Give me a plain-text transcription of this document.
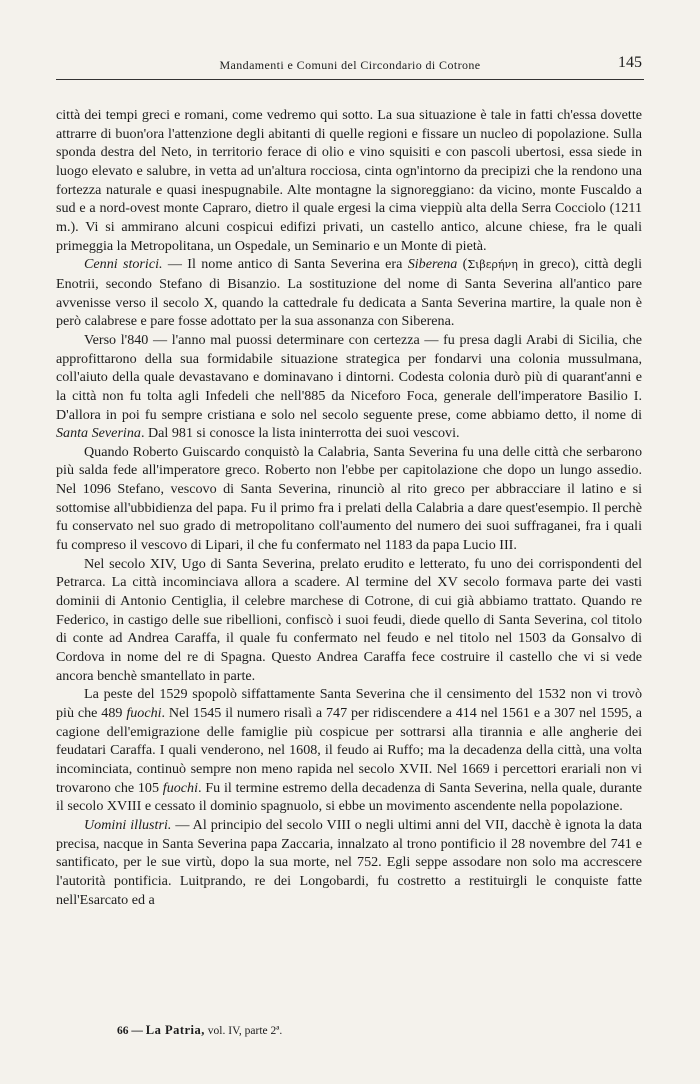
Mandamenti e Comuni del Circondario di Cotrone	145

città dei tempi greci e romani, come vedremo qui sotto. La sua situazione è tale in fatti ch'essa dovette attrarre di buon'ora l'attenzione degli abitanti di quelle regioni e fissare un nucleo di popolazione. Sulla sponda destra del Neto, in territorio ferace di olio e vino squisiti e con pascoli ubertosi, essa siede in luogo elevato e salubre, in vetta ad un'altura rocciosa, cinta ogn'intorno da precipizi che la rendono una fortezza naturale e quasi inespugnabile. Alte montagne la signoreggiano: da vicino, monte Fuscaldo a sud e a nord-ovest monte Capraro, dietro il quale ergesi la cima vieppiù alta della Serra Cocciolo (1211 m.). Vi si ammirano alcuni cospicui edifizi privati, un castello antico, alcune chiese, fra le quali primeggia la Metropolitana, un Ospedale, un Seminario e un Monte di pietà.

Cenni storici. — Il nome antico di Santa Severina era Siberena (Σιβερήνη in greco), città degli Enotrii, secondo Stefano di Bisanzio. La sostituzione del nome di Santa Severina all'antico pare avvenisse verso il secolo X, quando la cattedrale fu dedicata a Santa Severina martire, la quale non è però calabrese e pare fosse adottato per la sua assonanza con Siberena.

Verso l'840 — l'anno mal puossi determinare con certezza — fu presa dagli Arabi di Sicilia, che approfittarono della sua formidabile situazione strategica per fondarvi una colonia mussulmana, coll'aiuto della quale devastavano e dominavano i dintorni. Codesta colonia durò più di quarant'anni e la città non fu tolta agli Infedeli che nell'885 da Niceforo Foca, generale dell'imperatore Basilio I. D'allora in poi fu sempre cristiana e solo nel secolo seguente prese, come abbiamo detto, il nome di Santa Severina. Dal 981 si conosce la lista ininterrotta dei suoi vescovi.

Quando Roberto Guiscardo conquistò la Calabria, Santa Severina fu una delle città che serbarono più salda fede all'imperatore greco. Roberto non l'ebbe per capitolazione che dopo un lungo assedio. Nel 1096 Stefano, vescovo di Santa Severina, rinunciò al rito greco per abbracciare il latino e si sottomise all'ubbidienza del papa. Fu il primo fra i prelati della Calabria a dare quest'esempio. Il perchè fu conservato nel suo grado di metropolitano coll'aumento del numero dei suoi suffraganei, fra i quali fu compreso il vescovo di Lipari, il che fu confermato nel 1183 da papa Lucio III.

Nel secolo XIV, Ugo di Santa Severina, prelato erudito e letterato, fu uno dei corrispondenti del Petrarca. La città incominciava allora a scadere. Al termine del XV secolo formava parte dei vasti dominii di Antonio Centiglia, il celebre marchese di Cotrone, di cui già abbiamo trattato. Quando re Federico, in castigo delle sue ribellioni, confiscò i suoi feudi, diede quello di Santa Severina, col titolo di conte ad Andrea Caraffa, il quale fu confermato nel feudo e nel titolo nel 1503 da Gonsalvo di Cordova in nome del re di Spagna. Questo Andrea Caraffa fece costruire il castello che vi si vede ancora benchè smantellato in parte.

La peste del 1529 spopolò siffattamente Santa Severina che il censimento del 1532 non vi trovò più che 489 fuochi. Nel 1545 il numero risalì a 747 per ridiscendere a 414 nel 1561 e a 307 nel 1595, a cagione dell'emigrazione delle famiglie più cospicue per sottrarsi alla tirannia e alle angherie dei feudatari Caraffa. I quali venderono, nel 1608, il feudo ai Ruffo; ma la decadenza della città, una volta incominciata, continuò sempre non meno rapida nel secolo XVII. Nel 1669 i percettori erariali non vi trovarono che 105 fuochi. Fu il termine estremo della decadenza di Santa Severina, nella quale, durante il secolo XVIII e cessato il dominio spagnuolo, si ebbe un movimento ascendente nella popolazione.

Uomini illustri. — Al principio del secolo VIII o negli ultimi anni del VII, dacchè è ignota la data precisa, nacque in Santa Severina papa Zaccaria, innalzato al trono pontificio il 28 novembre del 741 e santificato, per le sue virtù, dopo la sua morte, nel 752. Egli seppe assodare non solo ma accrescere l'autorità pontificia. Luitprando, re dei Longobardi, fu costretto a restituirgli le conquiste fatte nell'Esarcato ed a

66 — La Patria, vol. IV, parte 2ª.
